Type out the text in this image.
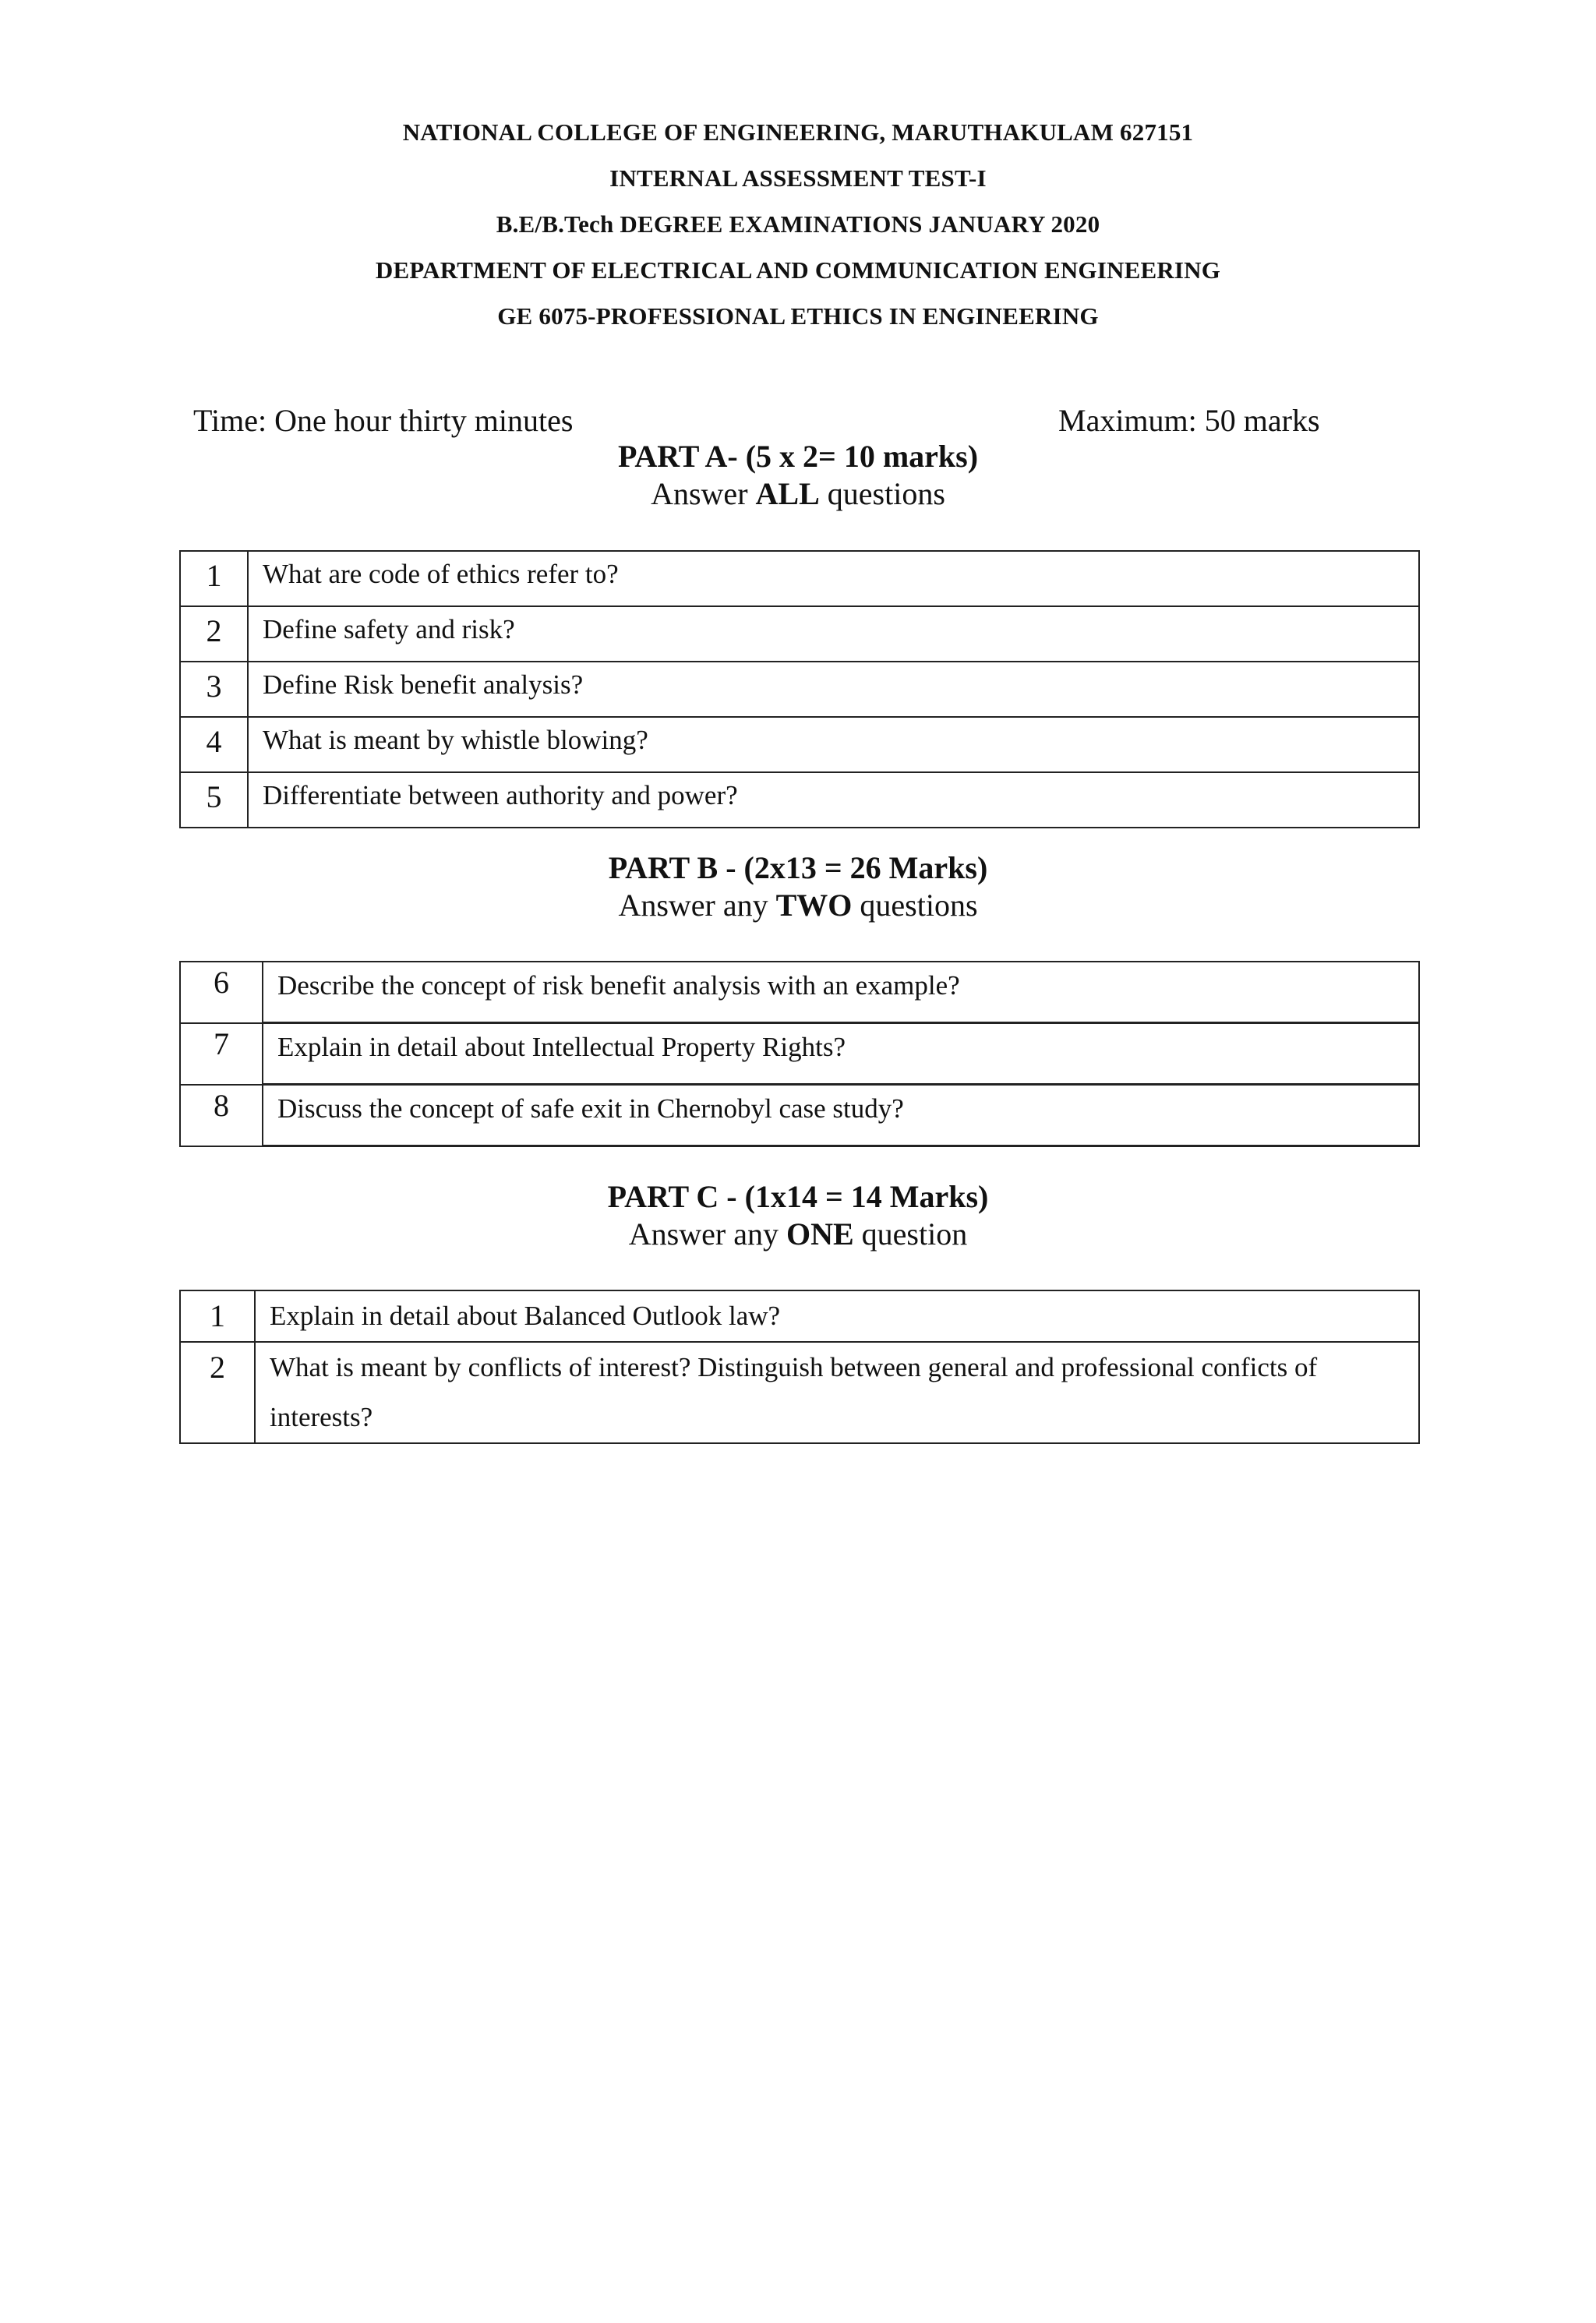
NATIONAL COLLEGE OF ENGINEERING, MARUTHAKULAM 627151
INTERNAL ASSESSMENT TEST-I
B.E/B.Tech DEGREE EXAMINATIONS JANUARY 2020
DEPARTMENT OF ELECTRICAL AND COMMUNICATION ENGINEERING
GE 6075-PROFESSIONAL ETHICS IN ENGINEERING
Time: One hour thirty minutes	Maximum: 50 marks
PART A- (5 x 2= 10 marks)
Answer ALL questions
1	What are code of ethics refer to?
2	Define safety and risk?
3	Define Risk benefit analysis?
4	What is meant by whistle blowing?
5	Differentiate between authority and power?
PART B - (2x13 = 26 Marks)
Answer any TWO questions
6	Describe the concept of risk benefit analysis with an example?
7	Explain in detail about Intellectual Property Rights?
8	Discuss the concept of safe exit in Chernobyl case study?
PART C - (1x14 = 14 Marks)
Answer any ONE question
1	Explain in detail about Balanced Outlook law?
2	What is meant by conflicts of interest? Distinguish between general and professional conficts of interests?
